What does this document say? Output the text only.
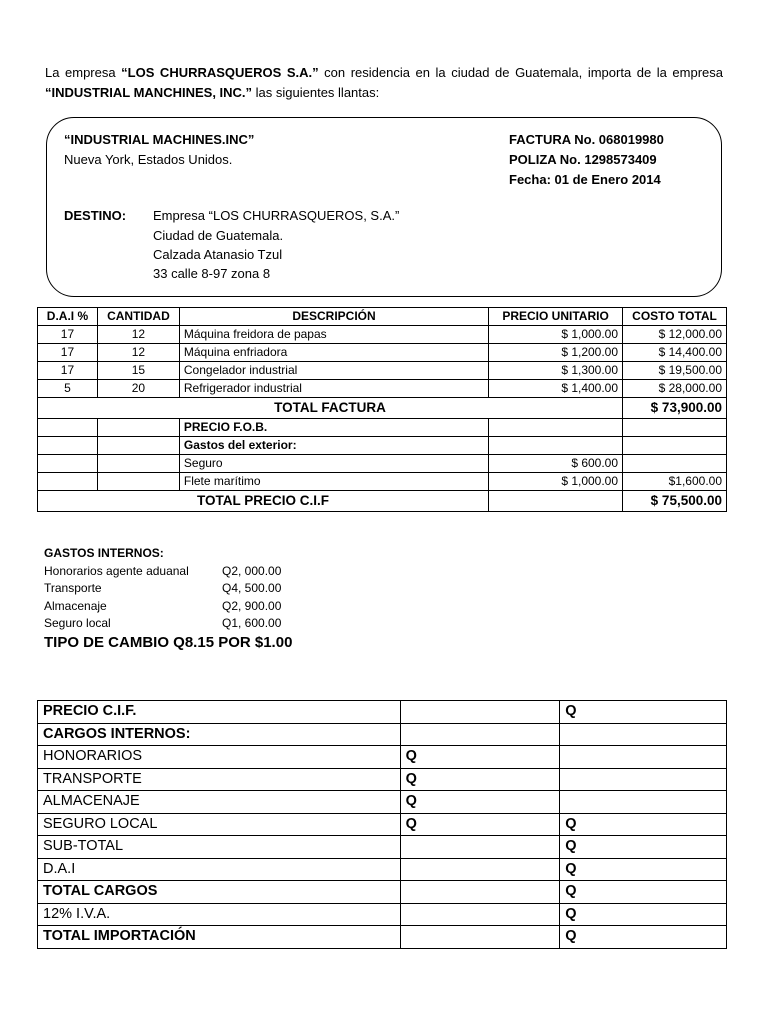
La empresa “LOS CHURRASQUEROS S.A.” con residencia en la ciudad de Guatemala, importa de la empresa “INDUSTRIAL MANCHINES, INC.” las siguientes llantas:
“INDUSTRIAL MACHINES.INC”
Nueva York, Estados Unidos.
FACTURA No. 068019980
POLIZA No. 1298573409
Fecha: 01 de Enero 2014
DESTINO: Empresa “LOS CHURRASQUEROS, S.A.”
Ciudad de Guatemala.
Calzada Atanasio Tzul
33 calle 8-97 zona 8
D.A.I %	CANTIDAD	DESCRIPCIÓN	PRECIO UNITARIO	COSTO TOTAL
17	12	Máquina freidora de papas	$ 1,000.00	$ 12,000.00
17	12	Máquina enfriadora	$ 1,200.00	$ 14,400.00
17	15	Congelador industrial	$ 1,300.00	$ 19,500.00
5	20	Refrigerador industrial	$ 1,400.00	$ 28,000.00
TOTAL FACTURA				$ 73,900.00
		PRECIO F.O.B.		
		Gastos del exterior:		
		Seguro	$ 600.00	
		Flete marítimo	$ 1,000.00	$1,600.00
TOTAL PRECIO C.I.F				$ 75,500.00
GASTOS INTERNOS:
Honorarios agente aduanal	Q2, 000.00
Transporte	Q4, 500.00
Almacenaje	Q2, 900.00
Seguro local	Q1, 600.00
TIPO DE CAMBIO Q8.15 POR $1.00
PRECIO C.I.F.		Q
CARGOS INTERNOS:		
HONORARIOS	Q	
TRANSPORTE	Q	
ALMACENAJE	Q	
SEGURO LOCAL	Q	Q
SUB-TOTAL		Q
D.A.I		Q
TOTAL CARGOS		Q
12% I.V.A.		Q
TOTAL IMPORTACIÓN		Q
